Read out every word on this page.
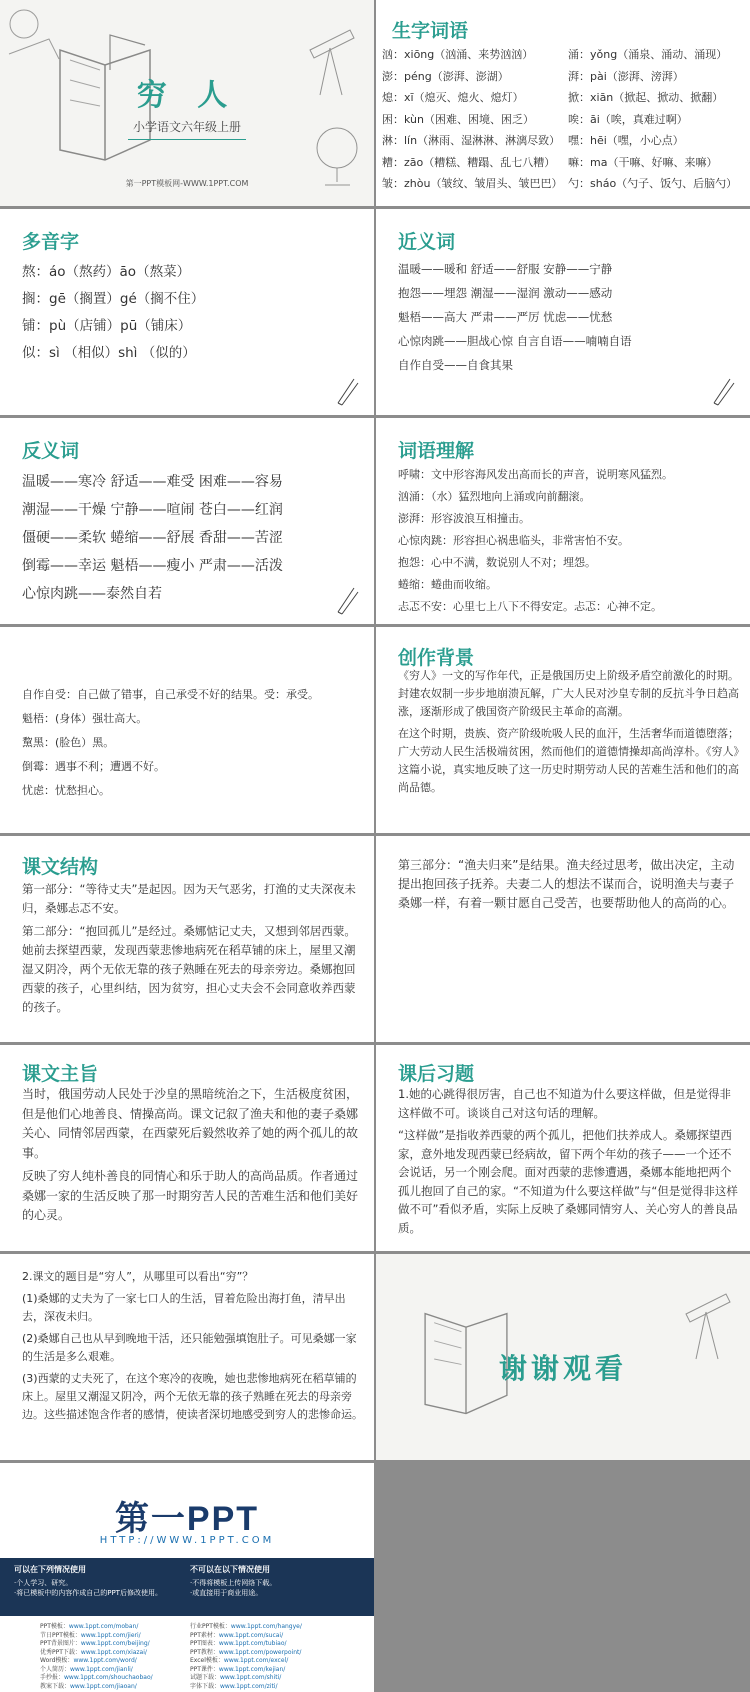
穷 人
小学语文六年级上册
第一PPT模板网-WWW.1PPT.COM
生字词语
汹：xiōng（汹涌、来势汹汹）	涌：yǒng（涌泉、涌动、涌现）
澎：péng（澎湃、澎湖）	湃：pài（澎湃、滂湃）
熄：xī（熄灭、熄火、熄灯）	掀：xiān（掀起、掀动、掀翻）
困：kùn（困难、困境、困乏）	唉：āi（唉，真难过啊）
淋：lín（淋雨、湿淋淋、淋漓尽致） 嘿：hēi（嘿，小心点）
糟：zāo（糟糕、糟蹋、乱七八糟）	嘛：ma（干嘛、好嘛、来嘛）
皱：zhòu（皱纹、皱眉头、皱巴巴） 勺：sháo（勺子、饭勺、后脑勺）
多音字
熬：áo（熬药）āo（熬菜）
搁：gē（搁置）gé（搁不住）
铺：pù（店铺）pū（铺床）
似：sì （相似）shì （似的）
近义词
温暖——暖和 舒适——舒服 安静——宁静
抱怨——埋怨 潮湿——湿润 激动——感动
魁梧——高大 严肃——严厉 忧虑——忧愁
心惊肉跳——胆战心惊 自言自语——喃喃自语
自作自受——自食其果
反义词
温暖——寒冷 舒适——难受 困难——容易
潮湿——干燥 宁静——喧闹 苍白——红润
僵硬——柔软 蜷缩——舒展 香甜——苦涩
倒霉——幸运 魁梧——瘦小 严肃——活泼
心惊肉跳——泰然自若
词语理解
呼啸：文中形容海风发出高而长的声音，说明寒风猛烈。
汹涌：（水）猛烈地向上涌或向前翻滚。
澎湃：形容波浪互相撞击。
心惊肉跳：形容担心祸患临头，非常害怕不安。
抱怨：心中不满，数说别人不对；埋怨。
蜷缩：蜷曲而收缩。
忐忑不安：心里七上八下不得安定。忐忑：心神不定。

自作自受：自己做了错事，自己承受不好的结果。受：承受。

魁梧：(身体）强壮高大。

黧黑：(脸色）黑。

倒霉：遇事不利；遭遇不好。

忧虑：忧愁担心。

创作背景

《穷人》一文的写作年代，正是俄国历史上阶级矛盾空前激化的时期。封建农奴制一步步地崩溃瓦解，广大人民对沙皇专制的反抗斗争日趋高涨，逐渐形成了俄国资产阶级民主革命的高潮。

在这个时期，贵族、资产阶级吮吸人民的血汗，生活奢华而道德堕落；广大劳动人民生活极端贫困，然而他们的道德情操却高尚淳朴。《穷人》这篇小说，真实地反映了这一历史时期劳动人民的苦难生活和他们的高尚品德。

课文结构

第一部分：“等待丈夫”是起因。因为天气恶劣，打渔的丈夫深夜未归，桑娜忐忑不安。

第二部分：“抱回孤儿”是经过。桑娜惦记丈夫，又想到邻居西蒙。她前去探望西蒙，发现西蒙悲惨地病死在稻草铺的床上，屋里又潮湿又阴冷，两个无依无靠的孩子熟睡在死去的母亲旁边。桑娜抱回西蒙的孩子，心里纠结，因为贫穷，担心丈夫会不会同意收养西蒙的孩子。

第三部分：“渔夫归来”是结果。渔夫经过思考，做出决定，主动提出抱回孩子抚养。夫妻二人的想法不谋而合，说明渔夫与妻子桑娜一样，有着一颗甘愿自己受苦，也要帮助他人的高尚的心。

课文主旨

当时，俄国劳动人民处于沙皇的黑暗统治之下，生活极度贫困，但是他们心地善良、情操高尚。课文记叙了渔夫和他的妻子桑娜关心、同情邻居西蒙，在西蒙死后毅然收养了她的两个孤儿的故事。

反映了穷人纯朴善良的同情心和乐于助人的高尚品质。作者通过桑娜一家的生活反映了那一时期穷苦人民的苦难生活和他们美好的心灵。

课后习题

1.她的心跳得很厉害，自己也不知道为什么要这样做，但是觉得非这样做不可。谈谈自己对这句话的理解。

“这样做”是指收养西蒙的两个孤儿，把他们扶养成人。桑娜探望西家，意外地发现西蒙已经病故，留下两个年幼的孩子——一个还不会说话，另一个刚会爬。面对西蒙的悲惨遭遇，桑娜本能地把两个孤儿抱回了自己的家。“不知道为什么要这样做”与“但是觉得非这样做不可”看似矛盾，实际上反映了桑娜同情穷人、关心穷人的善良品质。

2.课文的题目是“穷人”，从哪里可以看出“穷”？

(1)桑娜的丈夫为了一家七口人的生活，冒着危险出海打鱼，清早出去，深夜未归。

(2)桑娜自己也从早到晚地干活，还只能勉强填饱肚子。可见桑娜一家的生活是多么艰难。

(3)西蒙的丈夫死了，在这个寒冷的夜晚，她也悲惨地病死在稻草铺的床上。屋里又潮湿又阴冷，两个无依无靠的孩子熟睡在死去的母亲旁边。这些描述饱含作者的感情，使读者深切地感受到穷人的悲惨命运。

谢谢观看
第一PPT
HTTP://WWW.1PPT.COM
可以在下列情况使用
·个人学习、研究。
·将已模板中的内容作成自己的PPT后修改使用。
不可以在以下情况使用
·不得将模板上传网络下载。
·或直接用于商业用途。
PPT模板：www.1ppt.com/moban/
节日PPT模板：www.1ppt.com/jieri/
PPT背景图片：www.1ppt.com/beijing/
优秀PPT下载：www.1ppt.com/xiazai/
Word模板：www.1ppt.com/word/
个人简历：www.1ppt.com/jianli/
手抄报：www.1ppt.com/shouchaobao/
教案下载：www.1ppt.com/jiaoan/
行业PPT模板：www.1ppt.com/hangye/
PPT素材：www.1ppt.com/sucai/
PPT图表：www.1ppt.com/tubiao/
PPT教程：www.1ppt.com/powerpoint/
Excel模板：www.1ppt.com/excel/
PPT课件：www.1ppt.com/kejian/
试题下载：www.1ppt.com/shiti/
字体下载：www.1ppt.com/ziti/
